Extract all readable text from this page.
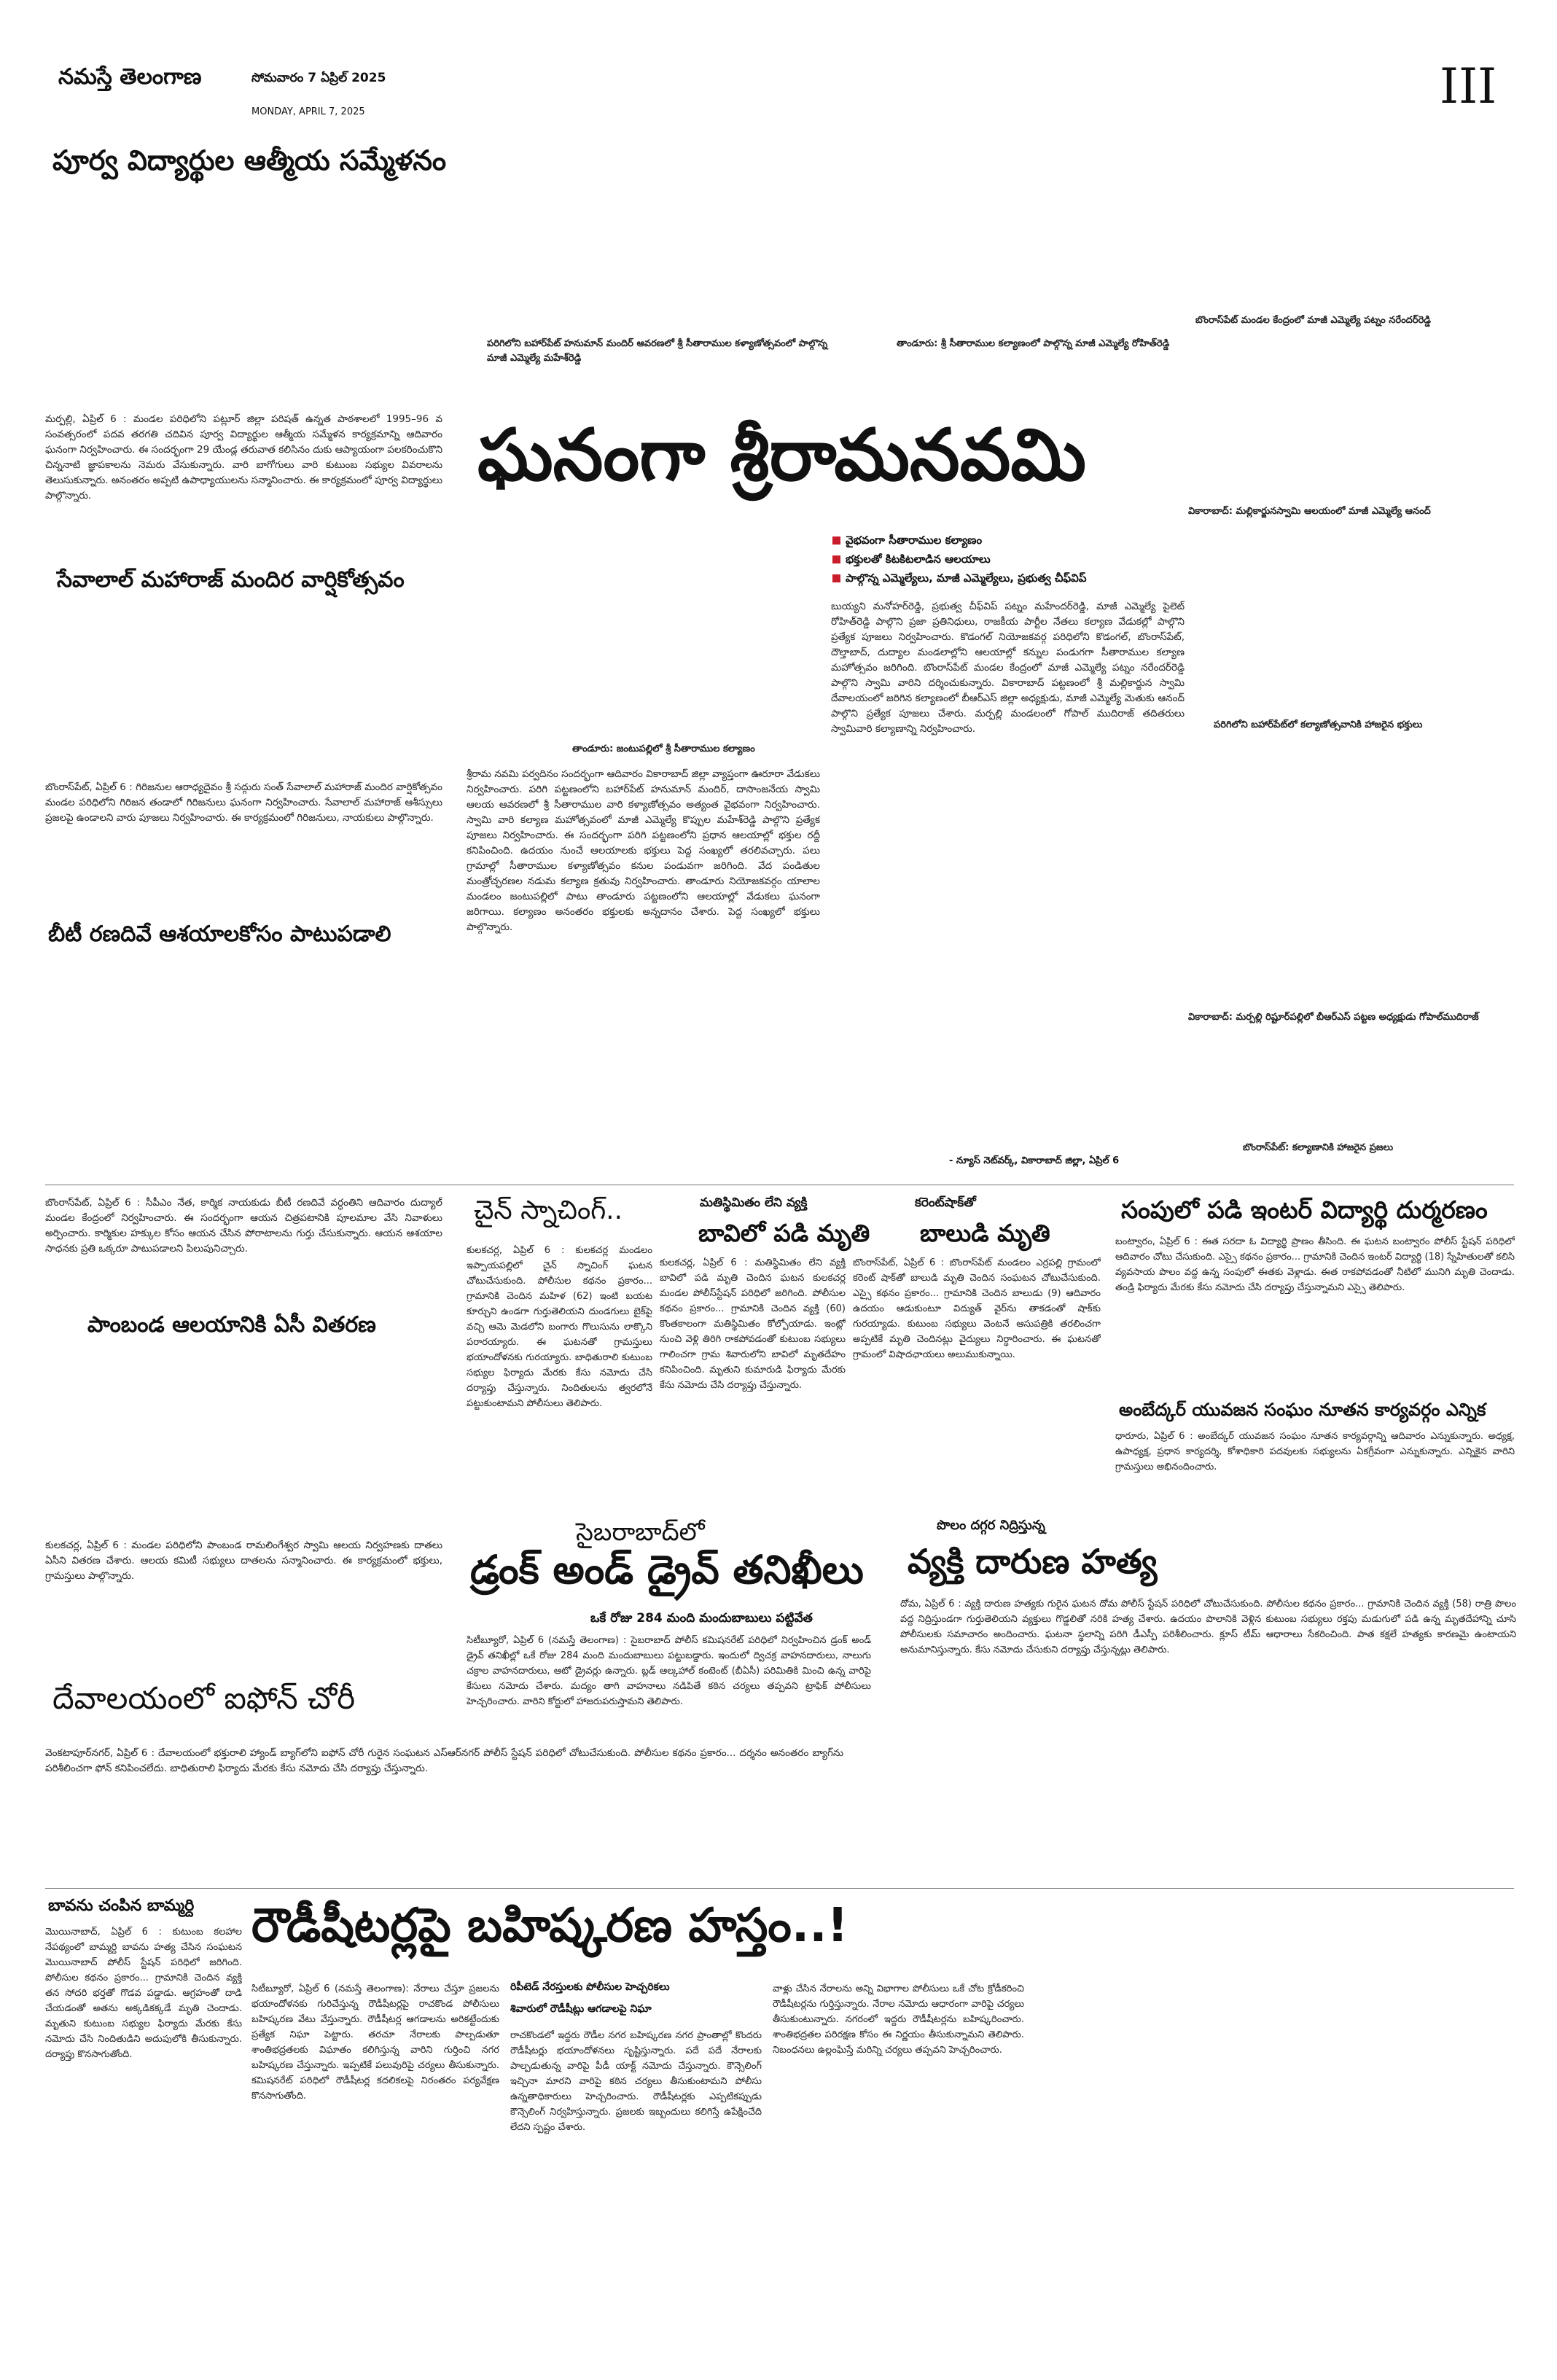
నమస్తే తెలంగాణ	సోమవారం 7 ఏప్రిల్ 2025
MONDAY, APRIL 7, 2025	III
పూర్వ విద్యార్థుల ఆత్మీయ సమ్మేళనం
మర్పల్లి, ఏప్రిల్ 6 : మండల పరిధిలోని పట్లూర్ జిల్లా పరిషత్ ఉన్నత పాఠశాలలో 1995–96 వ సంవత్సరంలో పదవ తరగతి చదివిన పూర్వ విద్యార్థుల ఆత్మీయ సమ్మేళన కార్యక్రమాన్ని ఆదివారం ఘనంగా నిర్వహించారు. ఈ సందర్భంగా 29 యేండ్ల తరువాత కలిసినం దుకు ఆప్యాయంగా పలకరించుకొని చిన్ననాటి జ్ఞాపకాలను నెమరు వేసుకున్నారు. వారి బాగోగులు వారి కుటుంబ సభ్యుల వివరాలను తెలుసుకున్నారు. అనంతరం అప్పటి ఉపాధ్యాయులను సన్మానించారు. ఈ కార్యక్రమంలో పూర్వ విద్యార్థులు పాల్గొన్నారు.
సేవాలాల్ మహారాజ్ మందిర వార్షికోత్సవం
బొంరాస్‌పేట్, ఏప్రిల్ 6 : గిరిజనుల ఆరాధ్యదైవం శ్రీ సద్గురు సంత్ సేవాలాల్ మహారాజ్ మందిర వార్షికోత్సవం మండల పరిధిలోని గిరిజన తండాలో గిరిజనులు ఘనంగా నిర్వహించారు. సేవాలాల్ మహారాజ్ ఆశీస్సులు ప్రజలపై ఉండాలని వారు పూజలు నిర్వహించారు. ఈ కార్యక్రమంలో గిరిజనులు, నాయకులు పాల్గొన్నారు.
బీటీ రణదివే ఆశయాలకోసం పాటుపడాలి
బొంరాస్‌పేట్, ఏప్రిల్ 6 : సీపీఎం నేత, కార్మిక నాయకుడు బీటీ రణదివే వర్ధంతిని ఆదివారం దుద్యాల్ మండల కేంద్రంలో నిర్వహించారు. ఈ సందర్భంగా ఆయన చిత్రపటానికి పూలమాల వేసి నివాళులు అర్పించారు. కార్మికుల హక్కుల కోసం ఆయన చేసిన పోరాటాలను గుర్తు చేసుకున్నారు. ఆయన ఆశయాల సాధనకు ప్రతి ఒక్కరూ పాటుపడాలని పిలుపునిచ్చారు.
పాంబండ ఆలయానికి ఏసీ వితరణ
కులకచర్ల, ఏప్రిల్ 6 : మండల పరిధిలోని పాంబండ రామలింగేశ్వర స్వామి ఆలయ నిర్వహణకు దాతలు ఏసీని వితరణ చేశారు. ఆలయ కమిటీ సభ్యులు దాతలను సన్మానించారు. ఈ కార్యక్రమంలో భక్తులు, గ్రామస్తులు పాల్గొన్నారు.
దేవాలయంలో ఐఫోన్ చోరీ
వెంకటాపూర్‌నగర్, ఏప్రిల్ 6 : దేవాలయంలో భక్తురాలి హ్యాండ్ బ్యాగ్‌లోని ఐఫోన్ చోరీ గురైన సంఘటన ఎస్‌ఆర్‌నగర్ పోలీస్ స్టేషన్ పరిధిలో చోటుచేసుకుంది. పోలీసుల కథనం ప్రకారం... దర్శనం అనంతరం బ్యాగ్‌ను పరిశీలించగా ఫోన్ కనిపించలేదు. బాధితురాలి ఫిర్యాదు మేరకు కేసు నమోదు చేసి దర్యాప్తు చేస్తున్నారు.
పరిగిలోని బహార్‌పేట్ హనుమాన్ మందిర్ ఆవరణలో శ్రీ సీతారాముల కళ్యాణోత్సవంలో పాల్గొన్న మాజీ ఎమ్మెల్యే మహేశ్‌రెడ్డి
తాండూరు: శ్రీ సీతారాముల కల్యాణంలో పాల్గొన్న మాజీ ఎమ్మెల్యే రోహిత్‌రెడ్డి
బొంరాస్‌పేట్ మండల కేంద్రంలో మాజీ ఎమ్మెల్యే పట్నం నరేందర్‌రెడ్డి
ఘనంగా శ్రీరామనవమి
వికారాబాద్: మల్లికార్జునస్వామి ఆలయంలో మాజీ ఎమ్మెల్యే ఆనంద్
వైభవంగా సీతారాముల కల్యాణం
భక్తులతో కిటకిటలాడిన ఆలయాలు
పాల్గొన్న ఎమ్మెల్యేలు, మాజీ ఎమ్మెల్యేలు, ప్రభుత్వ చీఫ్‌విప్
పరిగిలోని బహార్‌పేట్‌లో కల్యాణోత్సవానికి హాజరైన భక్తులు
తాండూరు: జంటుపల్లిలో శ్రీ సీతారాముల కల్యాణం
వికారాబాద్: మర్పల్లి రిష్టూర్‌పల్లిలో బీఆర్‌ఎస్ పట్టణ అధ్యక్షుడు గోపాల్‌ముదిరాజ్
బొంరాస్‌పేట్: కల్యాణానికి హాజరైన ప్రజలు
శ్రీరామ నవమి పర్వదినం సందర్భంగా ఆదివారం వికారాబాద్ జిల్లా వ్యాప్తంగా ఊరూరా వేడుకలు నిర్వహించారు. పరిగి పట్టణంలోని బహార్‌పేట్ హనుమాన్ మందిర్, దాసాంజనేయ స్వామి ఆలయ ఆవరణలో శ్రీ సీతారాముల వారి కళ్యాణోత్సవం అత్యంత వైభవంగా నిర్వహించారు. స్వామి వారి కల్యాణ మహోత్సవంలో మాజీ ఎమ్మెల్యే కొప్పుల మహేశ్‌రెడ్డి పాల్గొని ప్రత్యేక పూజలు నిర్వహించారు. ఈ సందర్భంగా పరిగి పట్టణంలోని ప్రధాన ఆలయాల్లో భక్తుల రద్దీ కనిపించింది. ఉదయం నుంచే ఆలయాలకు భక్తులు పెద్ద సంఖ్యలో తరలివచ్చారు. పలు గ్రామాల్లో సీతారాముల కళ్యాణోత్సవం కనుల పండువగా జరిగింది. వేద పండితుల మంత్రోచ్ఛరణల నడుమ కల్యాణ క్రతువు నిర్వహించారు. తాండూరు నియోజకవర్గం యాలాల మండలం జంటుపల్లిలో పాటు తాండూరు పట్టణంలోని ఆలయాల్లో వేడుకలు ఘనంగా జరిగాయి. కల్యాణం అనంతరం భక్తులకు అన్నదానం చేశారు. పెద్ద సంఖ్యలో భక్తులు పాల్గొన్నారు.
బుయ్యని మనోహర్‌రెడ్డి, ప్రభుత్వ చీఫ్‌విప్ పట్నం మహేందర్‌రెడ్డి, మాజీ ఎమ్మెల్యే పైలెట్ రోహిత్‌రెడ్డి పాల్గొని ప్రజా ప్రతినిధులు, రాజకీయ పార్టీల నేతలు కల్యాణ వేడుకల్లో పాల్గొని ప్రత్యేక పూజలు నిర్వహించారు. కొడంగల్ నియోజకవర్గ పరిధిలోని కొడంగల్, బొంరాస్‌పేట్, దౌల్తాబాద్, దుద్యాల మండలాల్లోని ఆలయాల్లో కన్నుల పండుగగా సీతారాముల కల్యాణ మహోత్సవం జరిగింది. బొంరాస్‌పేట్ మండల కేంద్రంలో మాజీ ఎమ్మెల్యే పట్నం నరేందర్‌రెడ్డి పాల్గొని స్వామి వారిని దర్శించుకున్నారు. వికారాబాద్ పట్టణంలో శ్రీ మల్లికార్జున స్వామి దేవాలయంలో జరిగిన కల్యాణంలో బీఆర్‌ఎస్ జిల్లా అధ్యక్షుడు, మాజీ ఎమ్మెల్యే మెతుకు ఆనంద్ పాల్గొని ప్రత్యేక పూజలు చేశారు. మర్పల్లి మండలంలో గోపాల్ ముదిరాజ్ తదితరులు స్వామివారి కల్యాణాన్ని నిర్వహించారు.
- న్యూస్ నెట్‌వర్క్, వికారాబాద్ జిల్లా, ఏప్రిల్ 6
చైన్ స్నాచింగ్‌..
కులకచర్ల, ఏప్రిల్ 6 : కులకచర్ల మండలం ఇప్పాయపల్లిలో చైన్ స్నాచింగ్ ఘటన చోటుచేసుకుంది. పోలీసుల కథనం ప్రకారం... గ్రామానికి చెందిన మహిళ (62) ఇంటి బయట కూర్చుని ఉండగా గుర్తుతెలియని దుండగులు బైక్‌పై వచ్చి ఆమె మెడలోని బంగారు గొలుసును లాక్కొని పరారయ్యారు. ఈ ఘటనతో గ్రామస్తులు భయాందోళనకు గురయ్యారు. బాధితురాలి కుటుంబ సభ్యుల ఫిర్యాదు మేరకు కేసు నమోదు చేసి దర్యాప్తు చేస్తున్నారు. నిందితులను త్వరలోనే పట్టుకుంటామని పోలీసులు తెలిపారు.
మతిస్థిమితం లేని వ్యక్తి
బావిలో పడి మృతి
కులకచర్ల, ఏప్రిల్ 6 : మతిస్థిమితం లేని వ్యక్తి బావిలో పడి మృతి చెందిన ఘటన కులకచర్ల మండల పోలీస్‌స్టేషన్ పరిధిలో జరిగింది. పోలీసుల కథనం ప్రకారం... గ్రామానికి చెందిన వ్యక్తి (60) కొంతకాలంగా మతిస్థిమితం కోల్పోయాడు. ఇంట్లో నుంచి వెళ్లి తిరిగి రాకపోవడంతో కుటుంబ సభ్యులు గాలించగా గ్రామ శివారులోని బావిలో మృతదేహం కనిపించింది. మృతుని కుమారుడి ఫిర్యాదు మేరకు కేసు నమోదు చేసి దర్యాప్తు చేస్తున్నారు.
కరెంట్‌షాక్‌తో
బాలుడి మృతి
బొంరాస్‌పేట్, ఏప్రిల్ 6 : బొంరాస్‌పేట్ మండలం ఎర్రపల్లి గ్రామంలో కరెంట్ షాక్‌తో బాలుడి మృతి చెందిన సంఘటన చోటుచేసుకుంది. ఎస్సై కథనం ప్రకారం... గ్రామానికి చెందిన బాలుడు (9) ఆదివారం ఉదయం ఆడుకుంటూ విద్యుత్ వైర్‌ను తాకడంతో షాక్‌కు గురయ్యాడు. కుటుంబ సభ్యులు వెంటనే ఆసుపత్రికి తరలించగా అప్పటికే మృతి చెందినట్లు వైద్యులు నిర్ధారించారు. ఈ ఘటనతో గ్రామంలో విషాదఛాయలు అలుముకున్నాయి.
సంపులో పడి ఇంటర్ విద్యార్థి దుర్మరణం
బంట్వారం, ఏప్రిల్ 6 : ఈత సరదా ఓ విద్యార్థి ప్రాణం తీసింది. ఈ ఘటన బంట్వారం పోలీస్ స్టేషన్ పరిధిలో ఆదివారం చోటు చేసుకుంది. ఎస్సై కథనం ప్రకారం... గ్రామానికి చెందిన ఇంటర్ విద్యార్థి (18) స్నేహితులతో కలిసి వ్యవసాయ పొలం వద్ద ఉన్న సంపులో ఈతకు వెళ్లాడు. ఈత రాకపోవడంతో నీటిలో మునిగి మృతి చెందాడు. తండ్రి ఫిర్యాదు మేరకు కేసు నమోదు చేసి దర్యాప్తు చేస్తున్నామని ఎస్సై తెలిపారు.
అంబేద్కర్ యువజన సంఘం నూతన కార్యవర్గం ఎన్నిక
ధారూరు, ఏప్రిల్ 6 : అంబేద్కర్ యువజన సంఘం నూతన కార్యవర్గాన్ని ఆదివారం ఎన్నుకున్నారు. అధ్యక్ష, ఉపాధ్యక్ష, ప్రధాన కార్యదర్శి, కోశాధికారి పదవులకు సభ్యులను ఏకగ్రీవంగా ఎన్నుకున్నారు. ఎన్నికైన వారిని గ్రామస్తులు అభినందించారు.
సైబరాబాద్‌లో
డ్రంక్ అండ్ డ్రైవ్ తనిఖీలు
ఒకే రోజు 284 మంది మందుబాబులు పట్టివేత
సిటీబ్యూరో, ఏప్రిల్ 6 (నమస్తే తెలంగాణ) : సైబరాబాద్ పోలీస్ కమిషనరేట్ పరిధిలో నిర్వహించిన డ్రంక్ అండ్ డ్రైవ్ తనిఖీల్లో ఒకే రోజు 284 మంది మందుబాబులు పట్టుబడ్డారు. ఇందులో ద్విచక్ర వాహనదారులు, నాలుగు చక్రాల వాహనదారులు, ఆటో డ్రైవర్లు ఉన్నారు. బ్లడ్ ఆల్కహాల్ కంటెంట్ (బీఏసీ) పరిమితికి మించి ఉన్న వారిపై కేసులు నమోదు చేశారు. మద్యం తాగి వాహనాలు నడిపితే కఠిన చర్యలు తప్పవని ట్రాఫిక్ పోలీసులు హెచ్చరించారు. వారిని కోర్టులో హాజరుపరుస్తామని తెలిపారు.
పొలం దగ్గర నిద్రిస్తున్న
వ్యక్తి దారుణ హత్య
దోమ, ఏప్రిల్ 6 : వ్యక్తి దారుణ హత్యకు గురైన ఘటన దోమ పోలీస్ స్టేషన్ పరిధిలో చోటుచేసుకుంది. పోలీసుల కథనం ప్రకారం... గ్రామానికి చెందిన వ్యక్తి (58) రాత్రి పొలం వద్ద నిద్రిస్తుండగా గుర్తుతెలియని వ్యక్తులు గొడ్డలితో నరికి హత్య చేశారు. ఉదయం పొలానికి వెళ్లిన కుటుంబ సభ్యులు రక్తపు మడుగులో పడి ఉన్న మృతదేహాన్ని చూసి పోలీసులకు సమాచారం అందించారు. ఘటనా స్థలాన్ని పరిగి డీఎస్పీ పరిశీలించారు. క్లూస్ టీమ్ ఆధారాలు సేకరించింది. పాత కక్షలే హత్యకు కారణమై ఉంటాయని అనుమానిస్తున్నారు. కేసు నమోదు చేసుకుని దర్యాప్తు చేస్తున్నట్లు తెలిపారు.
బావను చంపిన బామ్మర్ది
మొయినాబాద్, ఏప్రిల్ 6 : కుటుంబ కలహాల నేపథ్యంలో బామ్మర్ది బావను హత్య చేసిన సంఘటన మొయినాబాద్ పోలీస్ స్టేషన్ పరిధిలో జరిగింది. పోలీసుల కథనం ప్రకారం... గ్రామానికి చెందిన వ్యక్తి తన సోదరి భర్తతో గొడవ పడ్డాడు. ఆగ్రహంతో దాడి చేయడంతో అతను అక్కడికక్కడే మృతి చెందాడు. మృతుని కుటుంబ సభ్యుల ఫిర్యాదు మేరకు కేసు నమోదు చేసి నిందితుడిని అదుపులోకి తీసుకున్నారు. దర్యాప్తు కొనసాగుతోంది.
రౌడీషీటర్లపై బహిష్కరణ హస్తం..!
సిటీబ్యూరో, ఏప్రిల్ 6 (నమస్తే తెలంగాణ): నేరాలు చేస్తూ ప్రజలను భయాందోళనకు గురిచేస్తున్న రౌడీషీటర్లపై రాచకొండ పోలీసులు బహిష్కరణ వేటు వేస్తున్నారు. రౌడీషీటర్ల ఆగడాలను అరికట్టేందుకు ప్రత్యేక నిఘా పెట్టారు. తరచూ నేరాలకు పాల్పడుతూ శాంతిభద్రతలకు విఘాతం కలిగిస్తున్న వారిని గుర్తించి నగర బహిష్కరణ చేస్తున్నారు. ఇప్పటికే పలువురిపై చర్యలు తీసుకున్నారు. కమిషనరేట్ పరిధిలో రౌడీషీటర్ల కదలికలపై నిరంతరం పర్యవేక్షణ కొనసాగుతోంది.
రిపీటెడ్ నేరస్తులకు పోలీసుల హెచ్చరికలు
శివారులో రౌడీషీట్లు ఆగడాలపై నిఘా
రాచకొండలో ఇద్దరు రౌడీల నగర బహిష్కరణ నగర ప్రాంతాల్లో కొందరు రౌడీషీటర్లు భయాందోళనలు సృష్టిస్తున్నారు. పదే పదే నేరాలకు పాల్పడుతున్న వారిపై పీడీ యాక్ట్ నమోదు చేస్తున్నారు. కౌన్సెలింగ్ ఇచ్చినా మారని వారిపై కఠిన చర్యలు తీసుకుంటామని పోలీసు ఉన్నతాధికారులు హెచ్చరించారు. రౌడీషీటర్లకు ఎప్పటికప్పుడు కౌన్సెలింగ్ నిర్వహిస్తున్నారు. ప్రజలకు ఇబ్బందులు కలిగిస్తే ఉపేక్షించేది లేదని స్పష్టం చేశారు.
వాళ్లు చేసిన నేరాలను అన్ని విభాగాల పోలీసులు ఒకే చోట క్రోడీకరించి రౌడీషీటర్లను గుర్తిస్తున్నారు. నేరాల నమోదు ఆధారంగా వారిపై చర్యలు తీసుకుంటున్నారు. నగరంలో ఇద్దరు రౌడీషీటర్లను బహిష్కరించారు. శాంతిభద్రతల పరిరక్షణ కోసం ఈ నిర్ణయం తీసుకున్నామని తెలిపారు. నిబంధనలు ఉల్లంఘిస్తే మరిన్ని చర్యలు తప్పవని హెచ్చరించారు.
